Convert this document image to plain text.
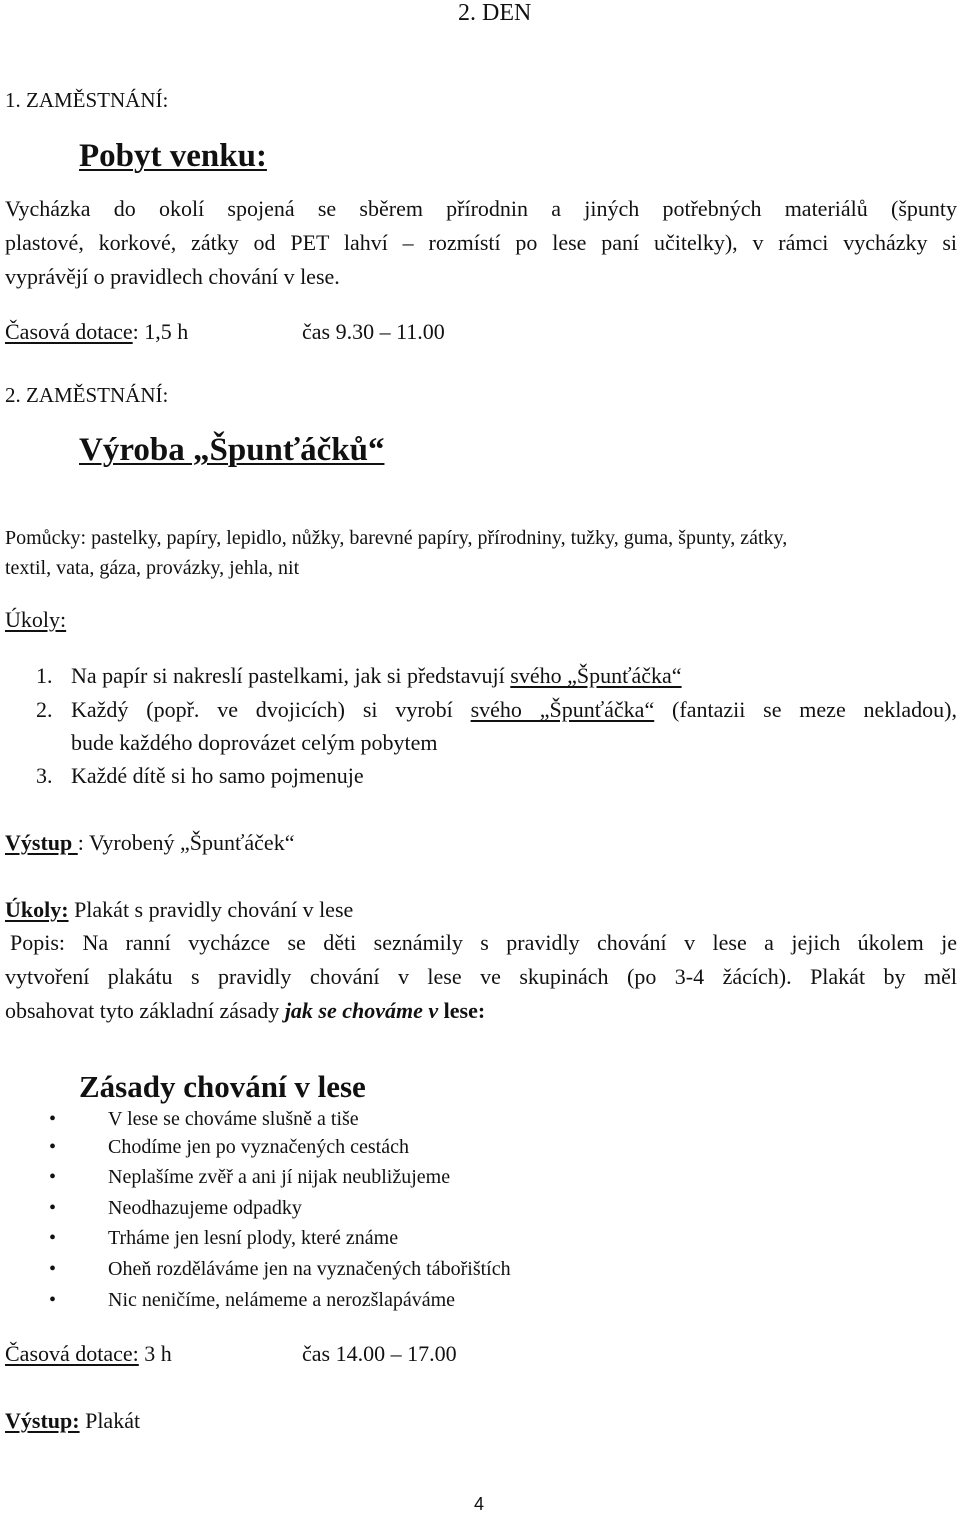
2. DEN
1. ZAMĚSTNÁNÍ:
Pobyt venku:
Vycházka do okolí spojená se sběrem přírodnin a jiných potřebných materiálů (špunty
plastové, korkové, zátky od PET lahví – rozmístí po lese paní učitelky), v rámci vycházky si
vyprávějí o pravidlech chování v lese.
Časová dotace: 1,5 h	čas 9.30 – 11.00
2. ZAMĚSTNÁNÍ:
Výroba „Špunťáčků“
Pomůcky: pastelky, papíry, lepidlo, nůžky, barevné papíry, přírodniny, tužky, guma, špunty, zátky,
textil, vata, gáza, provázky, jehla, nit
Úkoly:
1. Na papír si nakreslí pastelkami, jak si představují svého „Špunťáčka“
2. Každý (popř. ve dvojicích) si vyrobí svého „Špunťáčka“ (fantazii se meze nekladou),
bude každého doprovázet celým pobytem
3. Každé dítě si ho samo pojmenuje
Výstup : Vyrobený „Špunťáček“
Úkoly: Plakát s pravidly chování v lese
Popis: Na ranní vycházce se děti seznámily s pravidly chování v lese a jejich úkolem je
vytvoření plakátu s pravidly chování v lese ve skupinách (po 3-4 žácích). Plakát by měl
obsahovat tyto základní zásady jak se chováme v lese:
Zásady chování v lese
•	V lese se chováme slušně a tiše
•	Chodíme jen po vyznačených cestách
•	Neplašíme zvěř a ani jí nijak neubližujeme
•	Neodhazujeme odpadky
•	Trháme jen lesní plody, které známe
•	Oheň rozděláváme jen na vyznačených tábořištích
•	Nic neničíme, nelámeme a nerozšlapáváme
Časová dotace: 3 h	čas 14.00 – 17.00
Výstup: Plakát
4
